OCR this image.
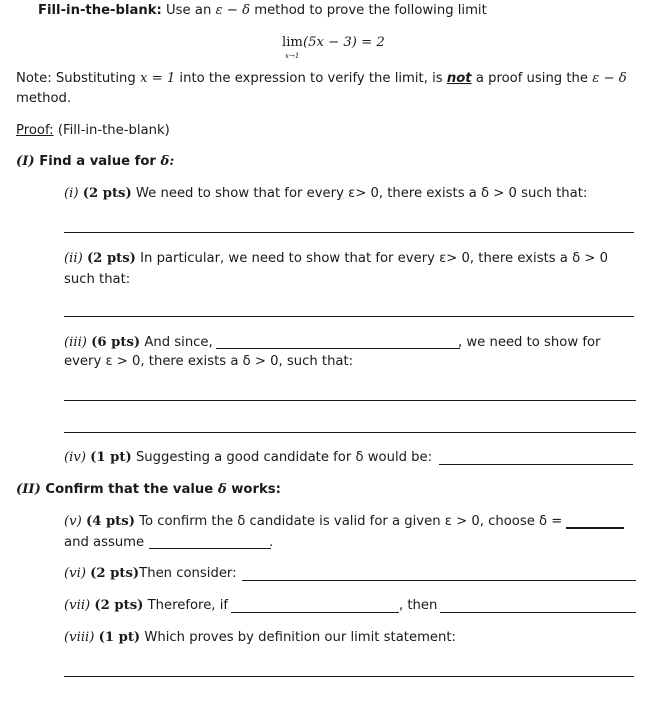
Fill-in-the-blank: Use an ε − δ method to prove the following limit
lim(5x − 3) = 2
x→1
Note: Substituting x = 1 into the expression to verify the limit, is not a proof using the ε − δ
method.
Proof: (Fill-in-the-blank)
(I) Find a value for δ:
(i) (2 pts) We need to show that for every ε> 0, there exists a δ > 0 such that:
(ii) (2 pts) In particular, we need to show that for every ε> 0, there exists a δ > 0
such that:
(iii) (6 pts) And since,	, we need to show for
every ε > 0, there exists a δ > 0, such that:
(iv) (1 pt) Suggesting a good candidate for δ would be:
(II) Confirm that the value δ works:
(v) (4 pts) To confirm the δ candidate is valid for a given ε > 0, choose δ =
and assume	.
(vi) (2 pts)Then consider:
(vii) (2 pts) Therefore, if	, then
(viii) (1 pt) Which proves by definition our limit statement:
